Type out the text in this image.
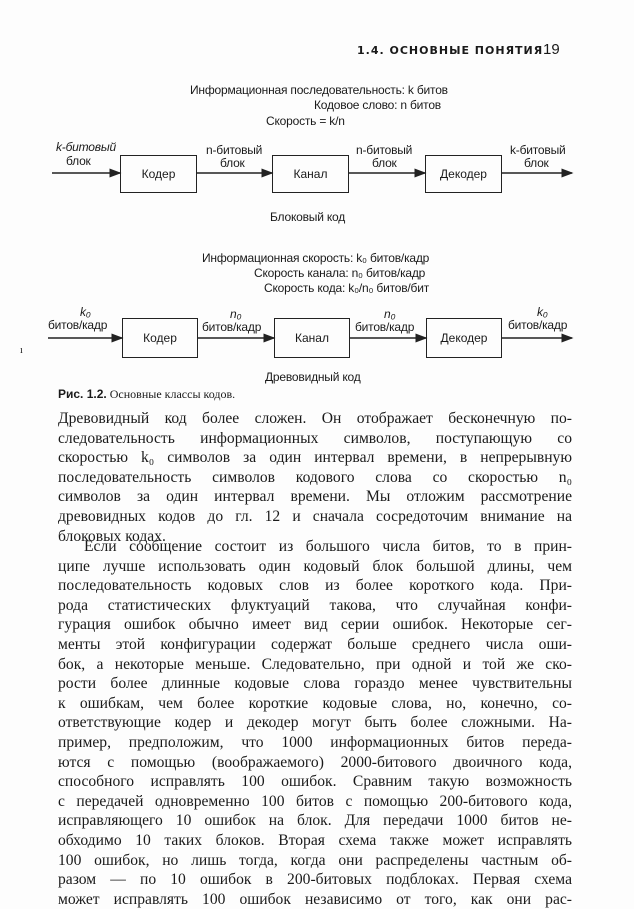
1.4. ОСНОВНЫЕ ПОНЯТИЯ 19
Информационная последовательность: k битов
Кодовое слово: n битов
Скорость = k/n
k-битовый
блок
n-битовый
блок
n-битовый
блок
k-битовый
блок
Кодер	Канал	Декодер
Блоковый код
Информационная скорость: k₀ битов/кадр
Скорость канала: n₀ битов/кадр
Скорость кода: k₀/n₀ битов/бит
k₀
битов/кадр
n₀
битов/кадр
n₀
битов/кадр
k₀
битов/кадр
Кодер	Канал	Декодер
Древовидный код
ı
Рис. 1.2. Основные классы кодов.
Древовидный код более сложен. Он отображает бесконечную по-
следовательность информационных символов, поступающую со
скоростью k₀ символов за один интервал времени, в непрерывную
последовательность символов кодового слова со скоростью n₀
символов за один интервал времени. Мы отложим рассмотрение
древовидных кодов до гл. 12 и сначала сосредоточим внимание на
блоковых кодах.
Если сообщение состоит из большого числа битов, то в прин-
ципе лучше использовать один кодовый блок большой длины, чем
последовательность кодовых слов из более короткого кода. При-
рода статистических флуктуаций такова, что случайная конфи-
гурация ошибок обычно имеет вид серии ошибок. Некоторые сег-
менты этой конфигурации содержат больше среднего числа оши-
бок, а некоторые меньше. Следовательно, при одной и той же ско-
рости более длинные кодовые слова гораздо менее чувствительны
к ошибкам, чем более короткие кодовые слова, но, конечно, со-
ответствующие кодер и декодер могут быть более сложными. На-
пример, предположим, что 1000 информационных битов переда-
ются с помощью (воображаемого) 2000-битового двоичного кода,
способного исправлять 100 ошибок. Сравним такую возможность
с передачей одновременно 100 битов с помощью 200-битового кода,
исправляющего 10 ошибок на блок. Для передачи 1000 битов не-
обходимо 10 таких блоков. Вторая схема также может исправлять
100 ошибок, но лишь тогда, когда они распределены частным об-
разом — по 10 ошибок в 200-битовых подблоках. Первая схема
может исправлять 100 ошибок независимо от того, как они рас-
